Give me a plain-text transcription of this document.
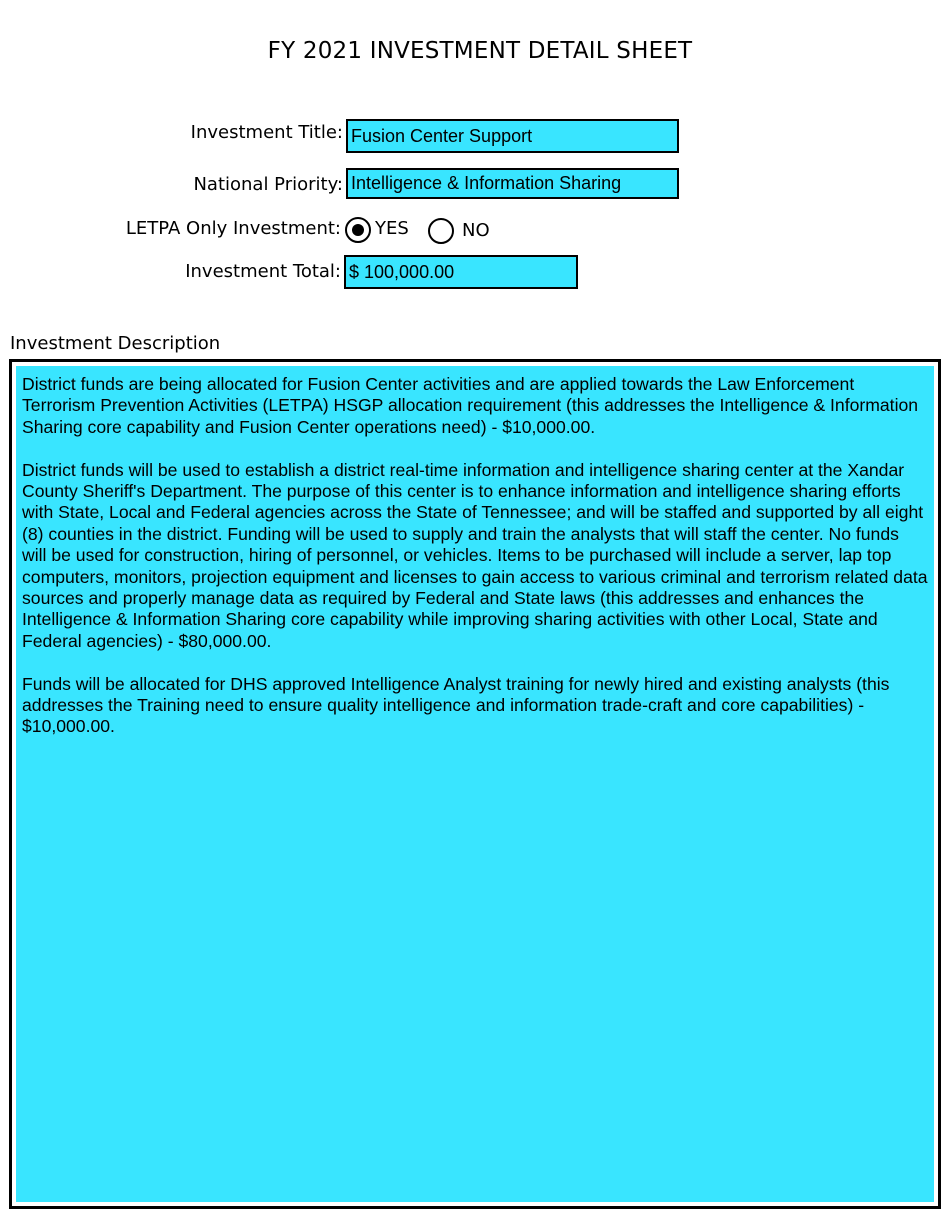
FY 2021 INVESTMENT DETAIL SHEET
Investment Title: Fusion Center Support
National Priority: Intelligence & Information Sharing
LETPA Only Investment: YES	NO
Investment Total: $ 100,000.00
Investment Description

District funds are being allocated for Fusion Center activities and are applied towards the Law Enforcement Terrorism Prevention Activities (LETPA) HSGP allocation requirement (this addresses the Intelligence & Information Sharing core capability and Fusion Center operations need) - $10,000.00.

District funds will be used to establish a district real-time information and intelligence sharing center at the Xandar County Sheriff's Department. The purpose of this center is to enhance information and intelligence sharing efforts with State, Local and Federal agencies across the State of Tennessee; and will be staffed and supported by all eight (8) counties in the district. Funding will be used to supply and train the analysts that will staff the center. No funds will be used for construction, hiring of personnel, or vehicles. Items to be purchased will include a server, lap top computers, monitors, projection equipment and licenses to gain access to various criminal and terrorism related data sources and properly manage data as required by Federal and State laws (this addresses and enhances the Intelligence & Information Sharing core capability while improving sharing activities with other Local, State and Federal agencies) - $80,000.00.

Funds will be allocated for DHS approved Intelligence Analyst training for newly hired and existing analysts (this addresses the Training need to ensure quality intelligence and information trade-craft and core capabilities) - $10,000.00.
